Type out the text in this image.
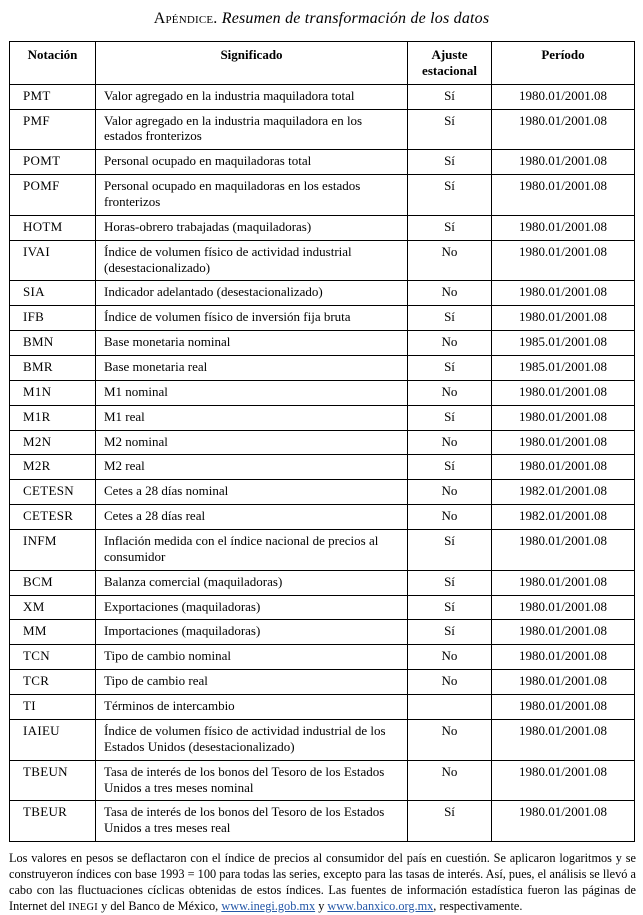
Apéndice. Resumen de transformación de los datos
Notación	Significado	Ajuste estacional	Período
PMT	Valor agregado en la industria maquiladora total	Sí	1980.01/2001.08
PMF	Valor agregado en la industria maquiladora en los estados fronterizos	Sí	1980.01/2001.08
POMT	Personal ocupado en maquiladoras total	Sí	1980.01/2001.08
POMF	Personal ocupado en maquiladoras en los estados fronterizos	Sí	1980.01/2001.08
HOTM	Horas-obrero trabajadas (maquiladoras)	Sí	1980.01/2001.08
IVAI	Índice de volumen físico de actividad industrial (desestacionalizado)	No	1980.01/2001.08
SIA	Indicador adelantado (desestacionalizado)	No	1980.01/2001.08
IFB	Índice de volumen físico de inversión fija bruta	Sí	1980.01/2001.08
BMN	Base monetaria nominal	No	1985.01/2001.08
BMR	Base monetaria real	Sí	1985.01/2001.08
M1N	M1 nominal	No	1980.01/2001.08
M1R	M1 real	Sí	1980.01/2001.08
M2N	M2 nominal	No	1980.01/2001.08
M2R	M2 real	Sí	1980.01/2001.08
CETESN	Cetes a 28 días nominal	No	1982.01/2001.08
CETESR	Cetes a 28 días real	No	1982.01/2001.08
INFM	Inflación medida con el índice nacional de precios al consumidor	Sí	1980.01/2001.08
BCM	Balanza comercial (maquiladoras)	Sí	1980.01/2001.08
XM	Exportaciones (maquiladoras)	Sí	1980.01/2001.08
MM	Importaciones (maquiladoras)	Sí	1980.01/2001.08
TCN	Tipo de cambio nominal	No	1980.01/2001.08
TCR	Tipo de cambio real	No	1980.01/2001.08
TI	Términos de intercambio		1980.01/2001.08
IAIEU	Índice de volumen físico de actividad industrial de los Estados Unidos (desestacionalizado)	No	1980.01/2001.08
TBEUN	Tasa de interés de los bonos del Tesoro de los Estados Unidos a tres meses nominal	No	1980.01/2001.08
TBEUR	Tasa de interés de los bonos del Tesoro de los Estados Unidos a tres meses real	Sí	1980.01/2001.08

Los valores en pesos se deflactaron con el índice de precios al consumidor del país en cuestión. Se aplicaron logaritmos y se construyeron índices con base 1993 = 100 para todas las series, excepto para las tasas de interés. Así, pues, el análisis se llevó a cabo con las fluctuaciones cíclicas obtenidas de estos índices. Las fuentes de información estadística fueron las páginas de Internet del INEGI y del Banco de México, www.inegi.gob.mx y www.banxico.org.mx, respectivamente.
